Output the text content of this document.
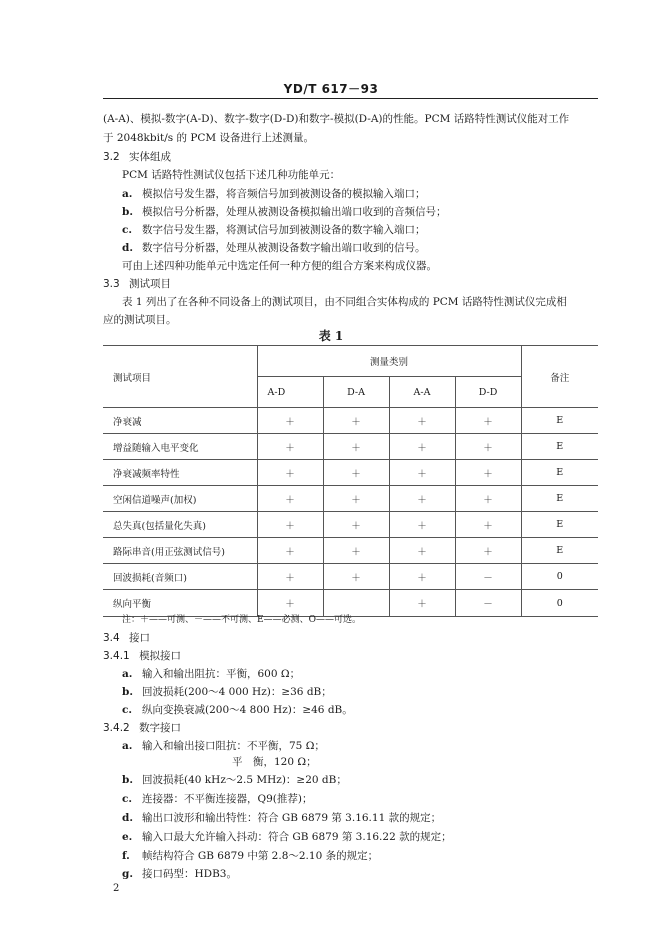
YD/T 617－93
(A-A)、模拟-数字(A-D)、数字-数字(D-D)和数字-模拟(D-A)的性能。PCM 话路特性测试仪能对工作
于 2048kbit/s 的 PCM 设备进行上述测量。
3.2 实体组成
PCM 话路特性测试仪包括下述几种功能单元：
a. 模拟信号发生器，将音频信号加到被测设备的模拟输入端口；
b. 模拟信号分析器，处理从被测设备模拟输出端口收到的音频信号；
c. 数字信号发生器，将测试信号加到被测设备的数字输入端口；
d. 数字信号分析器，处理从被测设备数字输出端口收到的信号。
可由上述四种功能单元中选定任何一种方便的组合方案来构成仪器。
3.3 测试项目
表 1 列出了在各种不同设备上的测试项目，由不同组合实体构成的 PCM 话路特性测试仪完成相
应的测试项目。
表 1
测试项目	测量类别				备注
	A-D	D-A	A-A	D-D	
净衰减	＋	＋	＋	＋	E
增益随输入电平变化	＋	＋	＋	＋	E
净衰减频率特性	＋	＋	＋	＋	E
空闲信道噪声(加权)	＋	＋	＋	＋	E
总失真(包括量化失真)	＋	＋	＋	＋	E
路际串音(用正弦测试信号)	＋	＋	＋	＋	E
回波损耗(音频口)	＋	＋	＋	－	0
纵向平衡	＋		＋	－	0
注：＋——可测、－——不可测、E——必测、O——可选。
3.4 接口
3.4.1 模拟接口
a. 输入和输出阻抗：平衡，600 Ω；
b. 回波损耗(200～4 000 Hz)：≥36 dB；
c. 纵向变换衰减(200～4 800 Hz)：≥46 dB。
3.4.2 数字接口
a. 输入和输出接口阻抗：不平衡，75 Ω；
平　衡，120 Ω；
b. 回波损耗(40 kHz～2.5 MHz)：≥20 dB；
c. 连接器：不平衡连接器，Q9(推荐)；
d. 输出口波形和输出特性：符合 GB 6879 第 3.16.11 款的规定；
e. 输入口最大允许输入抖动：符合 GB 6879 第 3.16.22 款的规定；
f. 帧结构符合 GB 6879 中第 2.8～2.10 条的规定；
g. 接口码型：HDB3。
2
